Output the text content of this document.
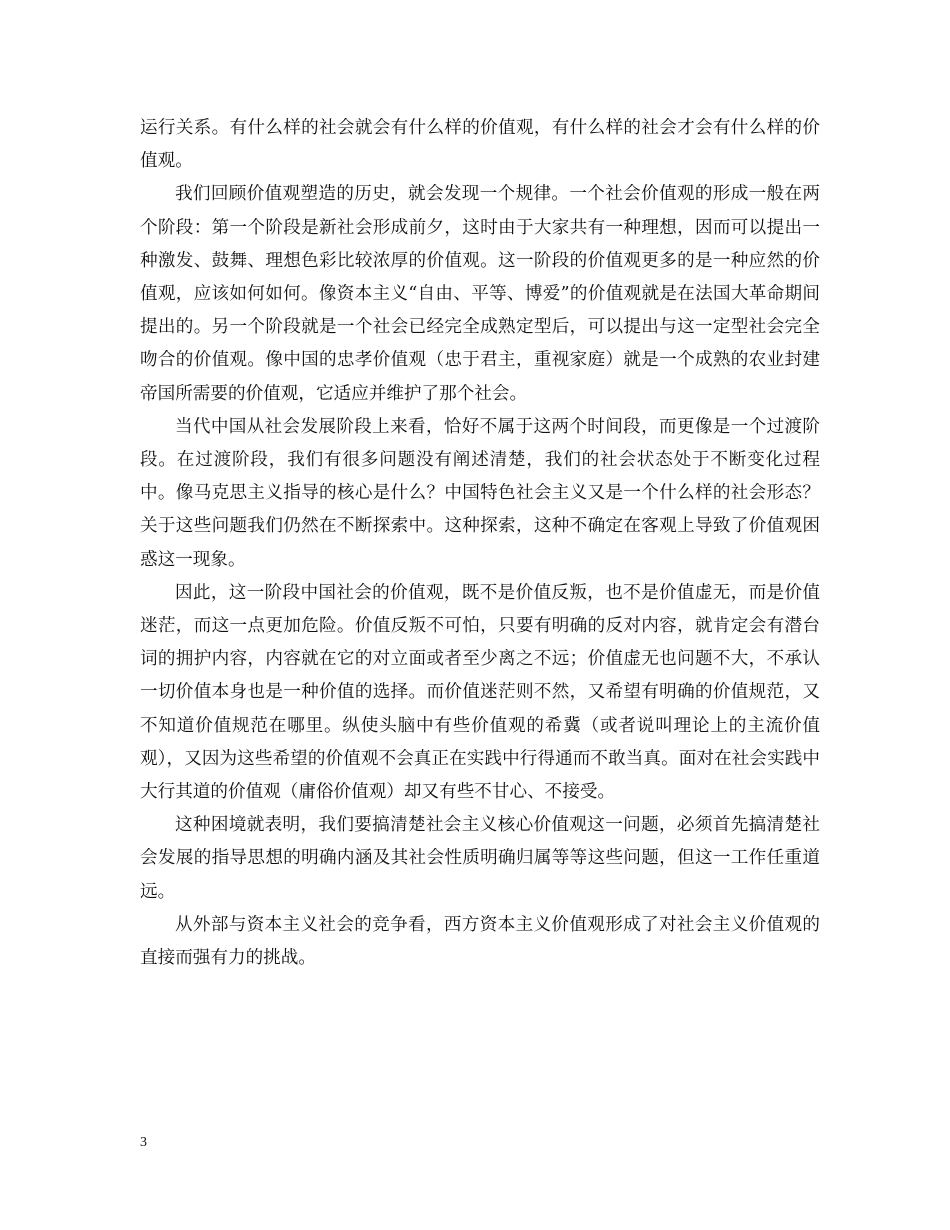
运行关系。有什么样的社会就会有什么样的价值观，有什么样的社会才会有什么样的价值观。

我们回顾价值观塑造的历史，就会发现一个规律。一个社会价值观的形成一般在两个阶段：第一个阶段是新社会形成前夕，这时由于大家共有一种理想，因而可以提出一种激发、鼓舞、理想色彩比较浓厚的价值观。这一阶段的价值观更多的是一种应然的价值观，应该如何如何。像资本主义“自由、平等、博爱”的价值观就是在法国大革命期间提出的。另一个阶段就是一个社会已经完全成熟定型后，可以提出与这一定型社会完全吻合的价值观。像中国的忠孝价值观（忠于君主，重视家庭）就是一个成熟的农业封建帝国所需要的价值观，它适应并维护了那个社会。

当代中国从社会发展阶段上来看，恰好不属于这两个时间段，而更像是一个过渡阶段。在过渡阶段，我们有很多问题没有阐述清楚，我们的社会状态处于不断变化过程中。像马克思主义指导的核心是什么？中国特色社会主义又是一个什么样的社会形态？关于这些问题我们仍然在不断探索中。这种探索，这种不确定在客观上导致了价值观困惑这一现象。

因此，这一阶段中国社会的价值观，既不是价值反叛，也不是价值虚无，而是价值迷茫，而这一点更加危险。价值反叛不可怕，只要有明确的反对内容，就肯定会有潜台词的拥护内容，内容就在它的对立面或者至少离之不远；价值虚无也问题不大，不承认一切价值本身也是一种价值的选择。而价值迷茫则不然，又希望有明确的价值规范，又不知道价值规范在哪里。纵使头脑中有些价值观的希冀（或者说叫理论上的主流价值观），又因为这些希望的价值观不会真正在实践中行得通而不敢当真。面对在社会实践中大行其道的价值观（庸俗价值观）却又有些不甘心、不接受。

这种困境就表明，我们要搞清楚社会主义核心价值观这一问题，必须首先搞清楚社会发展的指导思想的明确内涵及其社会性质明确归属等等这些问题，但这一工作任重道远。

从外部与资本主义社会的竞争看，西方资本主义价值观形成了对社会主义价值观的直接而强有力的挑战。

3
